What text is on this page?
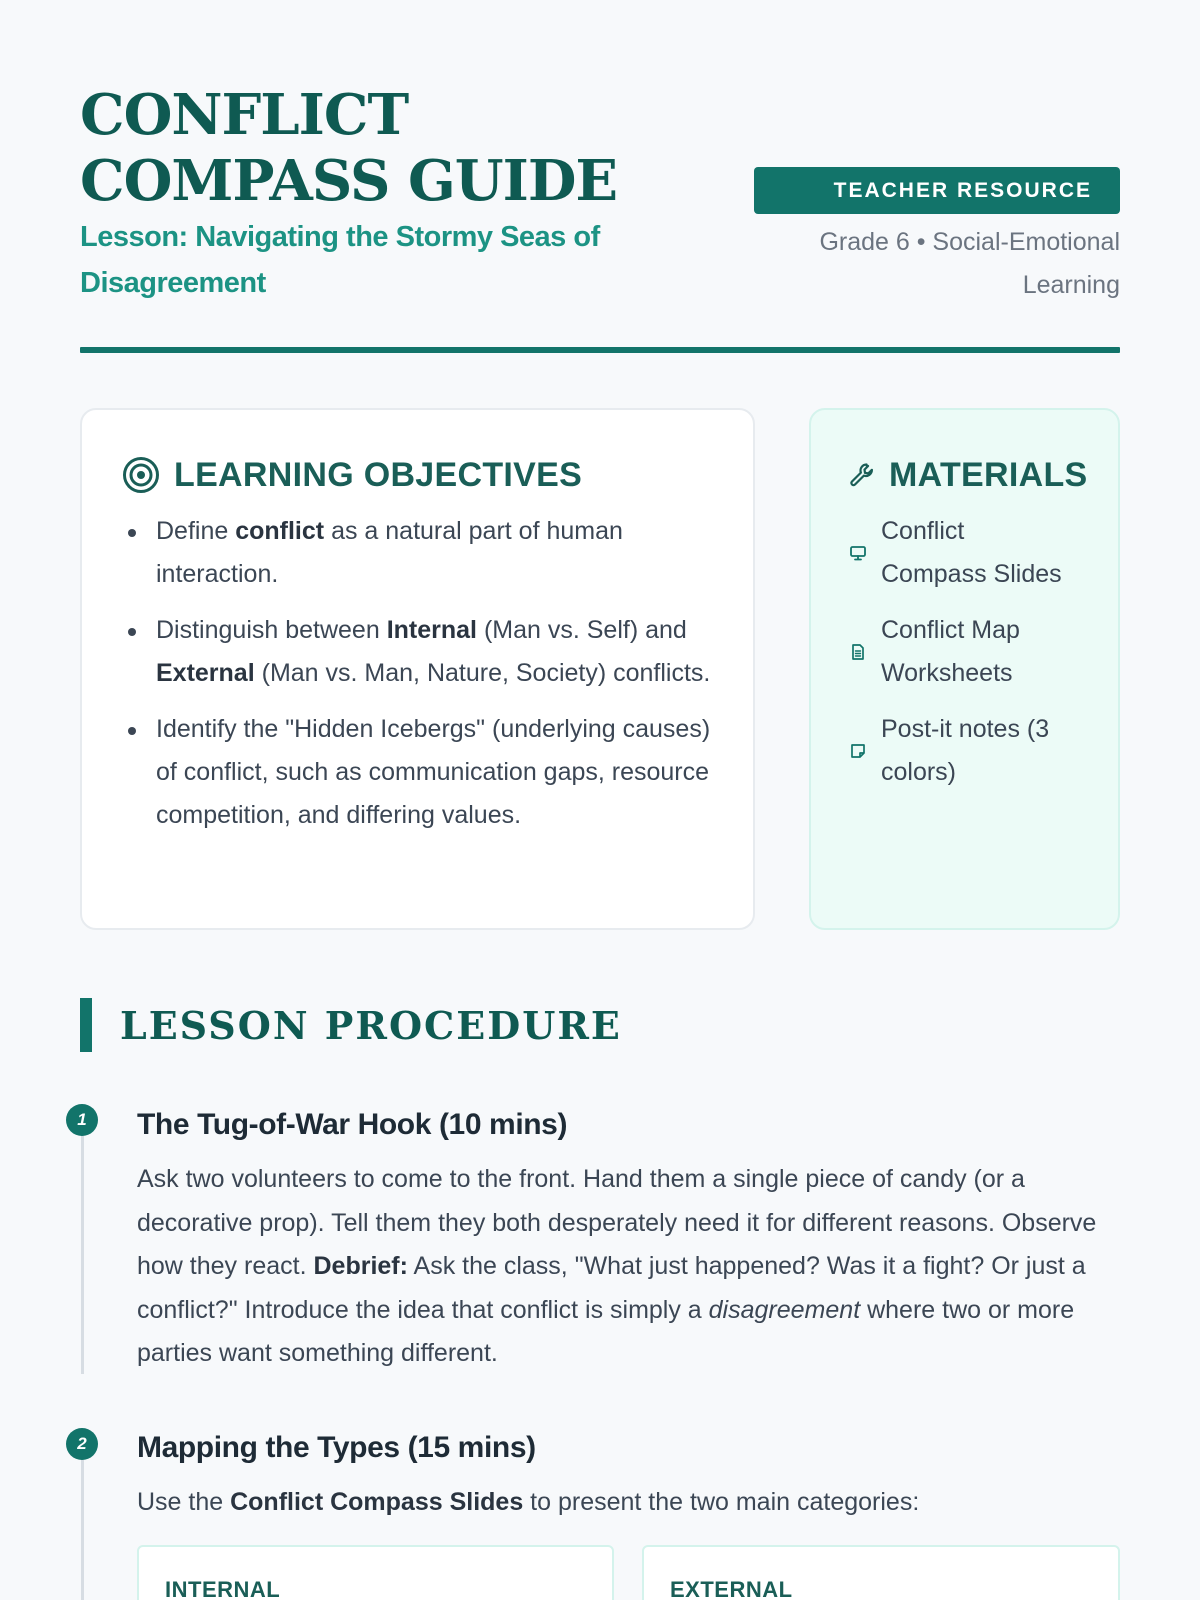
CONFLICT COMPASS GUIDE
Lesson: Navigating the Stormy Seas of Disagreement
TEACHER RESOURCE
Grade 6 • Social-Emotional Learning
LEARNING OBJECTIVES
Define conflict as a natural part of human interaction.
Distinguish between Internal (Man vs. Self) and External (Man vs. Man, Nature, Society) conflicts.
Identify the "Hidden Icebergs" (underlying causes) of conflict, such as communication gaps, resource competition, and differing values.
MATERIALS
Conflict Compass Slides
Conflict Map Worksheets
Post-it notes (3 colors)
LESSON PROCEDURE
1	The Tug-of-War Hook (10 mins)
Ask two volunteers to come to the front. Hand them a single piece of candy (or a decorative prop). Tell them they both desperately need it for different reasons. Observe how they react. Debrief: Ask the class, "What just happened? Was it a fight? Or just a conflict?" Introduce the idea that conflict is simply a disagreement where two or more parties want something different.
2	Mapping the Types (15 mins)
Use the Conflict Compass Slides to present the two main categories:
INTERNAL	EXTERNAL
